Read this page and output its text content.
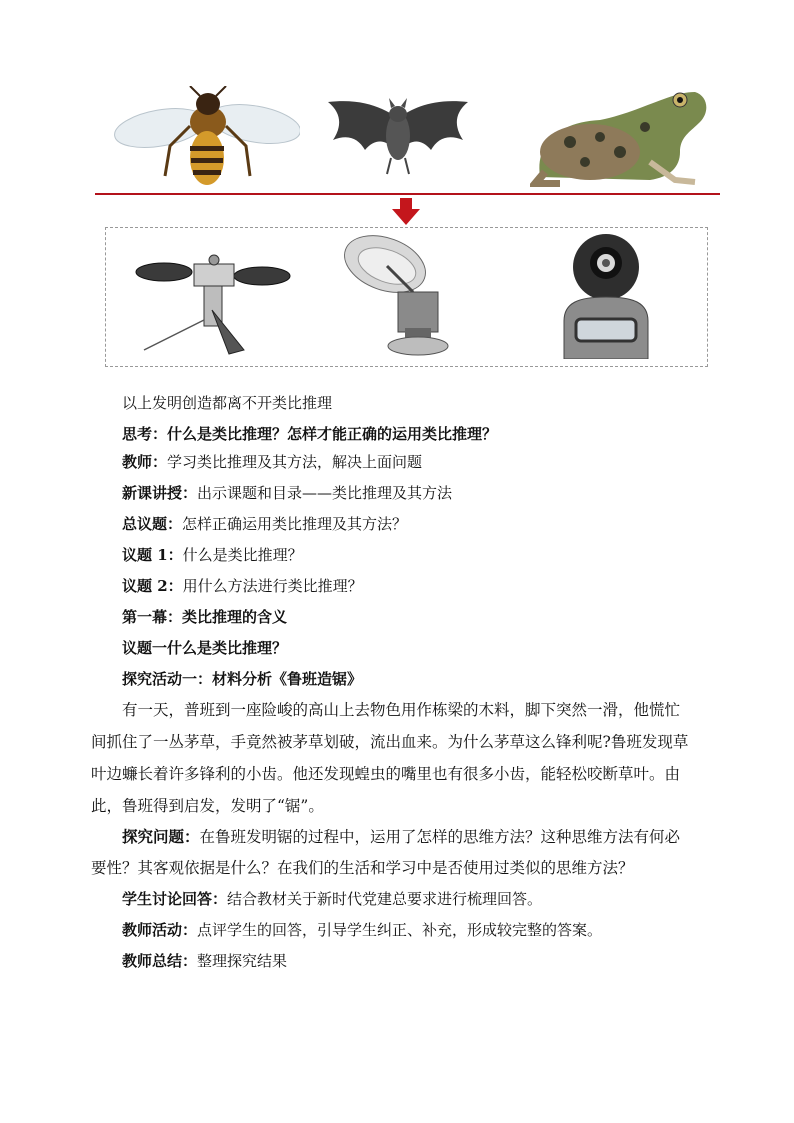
以上发明创造都离不开类比推理
思考：什么是类比推理？怎样才能正确的运用类比推理？
教师：学习类比推理及其方法，解决上面问题
新课讲授：出示课题和目录——类比推理及其方法
总议题：怎样正确运用类比推理及其方法？
议题 1：什么是类比推理？
议题 2：用什么方法进行类比推理？
第一幕：类比推理的含义
议题一什么是类比推理？
探究活动一：材料分析《鲁班造锯》
有一天，普班到一座险峻的高山上去物色用作栋梁的木料，脚下突然一滑，他慌忙
间抓住了一丛茅草，手竟然被茅草划破，流出血来。为什么茅草这么锋利呢?鲁班发现草
叶边蠊长着许多锋利的小齿。他还发现蝗虫的嘴里也有很多小齿，能轻松咬断草叶。由
此，鲁班得到启发，发明了“锯”。
探究问题：在鲁班发明锯的过程中，运用了怎样的思维方法？这种思维方法有何必
要性？其客观依据是什么？在我们的生活和学习中是否使用过类似的思维方法？
学生讨论回答：结合教材关于新时代党建总要求进行梳理回答。
教师活动：点评学生的回答，引导学生纠正、补充，形成较完整的答案。
教师总结：整理探究结果
